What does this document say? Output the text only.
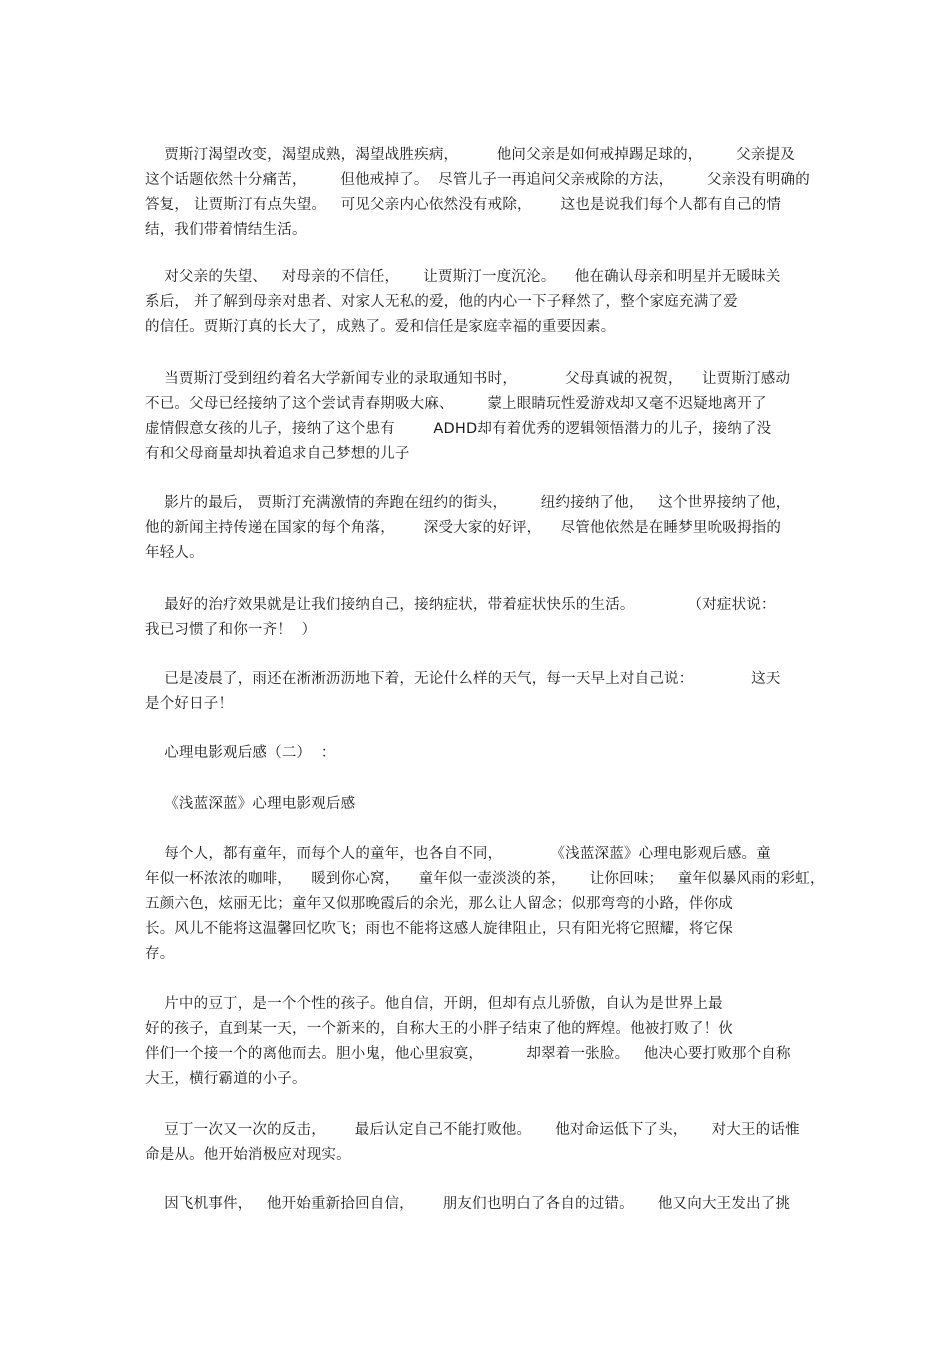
贾斯汀渴望改变，渴望成熟，渴望战胜疾病，        他问父亲是如何戒掉踢足球的，       父亲提及
这个话题依然十分痛苦，       但他戒掉了。  尽管儿子一再追问父亲戒除的方法，       父亲没有明确的
答复， 让贾斯汀有点失望。   可见父亲内心依然没有戒除，      这也是说我们每个人都有自己的情
结，我们带着情结生活。
对父亲的失望、   对母亲的不信任，     让贾斯汀一度沉沦。    他在确认母亲和明星并无暖昧关
系后， 并了解到母亲对患者、对家人无私的爱，他的内心一下子释然了，整个家庭充满了爱
的信任。贾斯汀真的长大了，成熟了。爱和信任是家庭幸福的重要因素。
当贾斯汀受到纽约着名大学新闻专业的录取通知书时，          父母真诚的祝贺，    让贾斯汀感动
不已。父母已经接纳了这个尝试青春期吸大麻、       蒙上眼睛玩性爱游戏却又毫不迟疑地离开了
虚情假意女孩的儿子，接纳了这个患有        ADHD却有着优秀的逻辑领悟潜力的儿子，接纳了没
有和父母商量却执着追求自己梦想的儿子
影片的最后， 贾斯汀充满激情的奔跑在纽约的街头，       纽约接纳了他，   这个世界接纳了他，
他的新闻主持传递在国家的每个角落，      深受大家的好评，    尽管他依然是在睡梦里吮吸拇指的
年轻人。
最好的治疗效果就是让我们接纳自己，接纳症状，带着症状快乐的生活。           （对症状说：
我已习惯了和你一齐！  ）
已是凌晨了，雨还在淅淅沥沥地下着，无论什么样的天气，每一天早上对自己说：            这天
是个好日子！
心理电影观后感（二）  ：
《浅蓝深蓝》心理电影观后感
每个人，都有童年，而每个人的童年，也各自不同，          《浅蓝深蓝》心理电影观后感。童
年似一杯浓浓的咖啡，    暖到你心窝，    童年似一壶淡淡的茶，     让你回味；   童年似暴风雨的彩虹，
五颜六色，炫丽无比；童年又似那晚霞后的余光，那么让人留念；似那弯弯的小路，伴你成
长。风儿不能将这温馨回忆吹飞；雨也不能将这感人旋律阻止，只有阳光将它照耀，将它保
存。
片中的豆丁，是一个个性的孩子。他自信，开朗，但却有点儿骄傲，自认为是世界上最
好的孩子，直到某一天，一个新来的，自称大王的小胖子结束了他的辉煌。他被打败了！伙
伴们一个接一个的离他而去。胆小鬼，他心里寂寞，         却翠着一张脸。   他决心要打败那个自称
大王，横行霸道的小子。
豆丁一次又一次的反击，      最后认定自己不能打败他。     他对命运低下了头，     对大王的话惟
命是从。他开始消极应对现实。
因飞机事件，   他开始重新拾回自信，      朋友们也明白了各自的过错。     他又向大王发出了挑
